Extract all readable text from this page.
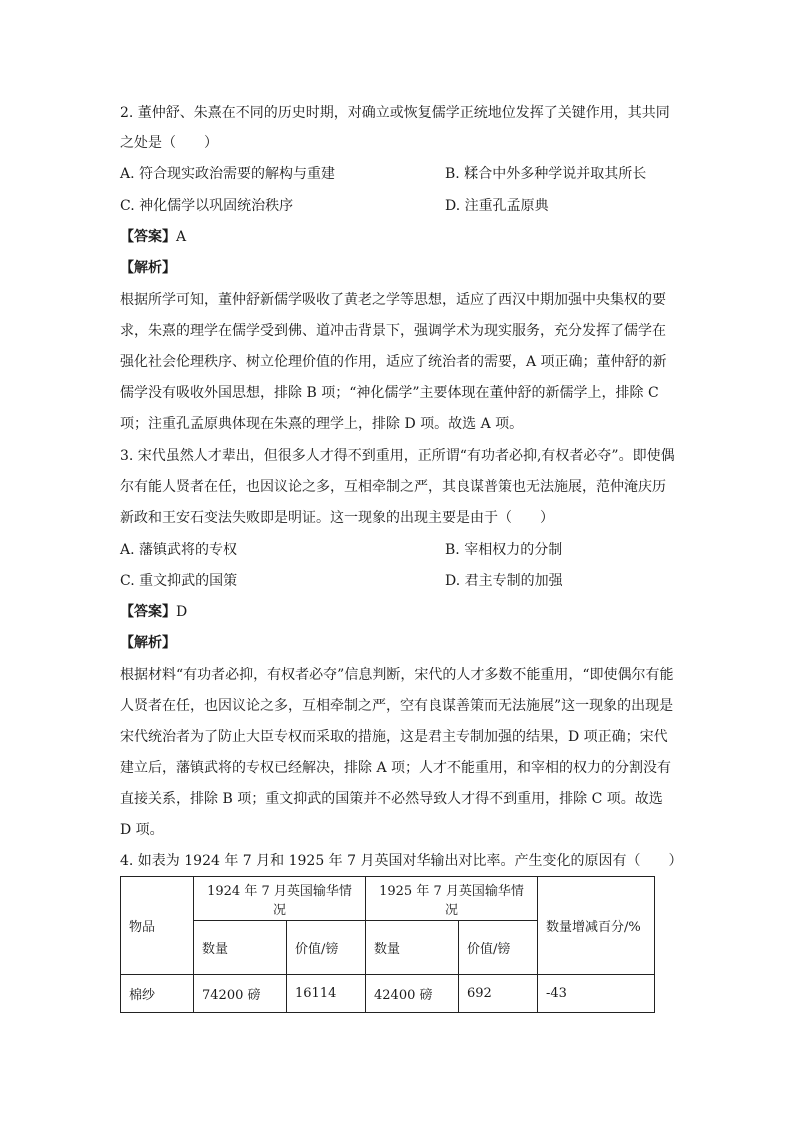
2. 董仲舒、朱熹在不同的历史时期，对确立或恢复儒学正统地位发挥了关键作用，其共同
之处是（　　）
A. 符合现实政治需要的解构与重建	B. 糅合中外多种学说并取其所长
C. 神化儒学以巩固统治秩序	D. 注重孔孟原典
【答案】A
【解析】
根据所学可知，董仲舒新儒学吸收了黄老之学等思想，适应了西汉中期加强中央集权的要
求，朱熹的理学在儒学受到佛、道冲击背景下，强调学术为现实服务，充分发挥了儒学在
强化社会伦理秩序、树立伦理价值的作用，适应了统治者的需要，A 项正确；董仲舒的新
儒学没有吸收外国思想，排除 B 项；“神化儒学”主要体现在董仲舒的新儒学上，排除 C
项；注重孔孟原典体现在朱熹的理学上，排除 D 项。故选 A 项。
3. 宋代虽然人才辈出，但很多人才得不到重用，正所谓“有功者必抑,有权者必夺”。即使偶
尔有能人贤者在任，也因议论之多，互相牵制之严，其良谋普策也无法施展，范仲淹庆历
新政和王安石变法失败即是明证。这一现象的出现主要是由于（　　）
A. 藩镇武将的专权	B. 宰相权力的分制
C. 重文抑武的国策	D. 君主专制的加强
【答案】D
【解析】
根据材料“有功者必抑，有权者必夺”信息判断，宋代的人才多数不能重用，“即使偶尔有能
人贤者在任，也因议论之多，互相牵制之严，空有良谋善策而无法施展”这一现象的出现是
宋代统治者为了防止大臣专权而采取的措施，这是君主专制加强的结果，D 项正确；宋代
建立后，藩镇武将的专权已经解决，排除 A 项；人才不能重用，和宰相的权力的分割没有
直接关系，排除 B 项；重文抑武的国策并不必然导致人才得不到重用，排除 C 项。故选
D 项。
4. 如表为 1924 年 7 月和 1925 年 7 月英国对华输出对比率。产生变化的原因有（　　）
物品	1924 年 7 月英国输华情况		1925 年 7 月英国输华情况		数量增减百分/%
	数量	价值/镑	数量	价值/镑	
棉纱	74200 磅	16114	42400 磅	692	-43
